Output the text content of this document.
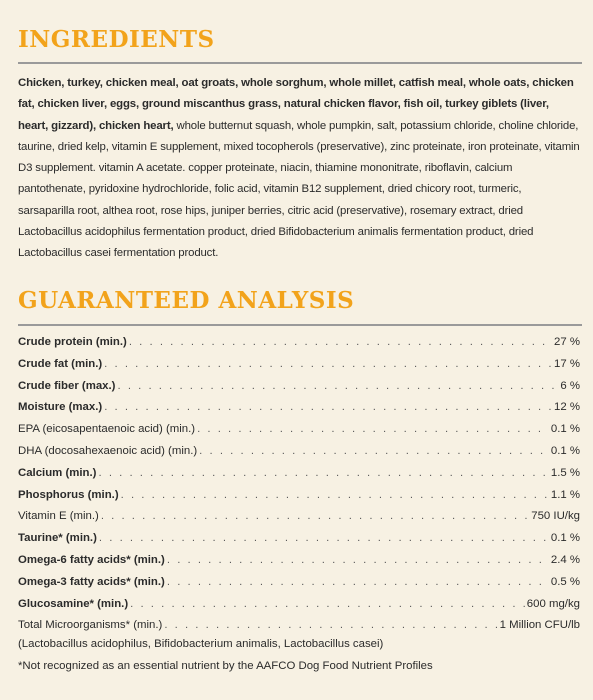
INGREDIENTS
Chicken, turkey, chicken meal, oat groats, whole sorghum, whole millet, catfish meal, whole oats, chicken fat, chicken liver, eggs, ground miscanthus grass, natural chicken flavor, fish oil, turkey giblets (liver, heart, gizzard), chicken heart, whole butternut squash, whole pumpkin, salt, potassium chloride, choline chloride, taurine, dried kelp, vitamin E supplement, mixed tocopherols (preservative), zinc proteinate, iron proteinate, vitamin D3 supplement. vitamin A acetate. copper proteinate, niacin, thiamine mononitrate, riboflavin, calcium pantothenate, pyridoxine hydrochloride, folic acid, vitamin B12 supplement, dried chicory root, turmeric, sarsaparilla root, althea root, rose hips, juniper berries, citric acid (preservative), rosemary extract, dried Lactobacillus acidophilus fermentation product, dried Bifidobacterium animalis fermentation product, dried Lactobacillus casei fermentation product.
GUARANTEED ANALYSIS
Crude protein (min.) . . .	27 %
Crude fat (min.) . . .	17 %
Crude fiber (max.) . . .	6 %
Moisture (max.) . . .	12 %
EPA (eicosapentaenoic acid) (min.) . . .	0.1 %
DHA (docosahexaenoic acid) (min.) . . .	0.1 %
Calcium (min.) . . .	1.5 %
Phosphorus (min.) . . .	1.1 %
Vitamin E (min.) . . .	750 IU/kg
Taurine* (min.) . . .	0.1 %
Omega-6 fatty acids* (min.) . . .	2.4 %
Omega-3 fatty acids* (min.) . . .	0.5 %
Glucosamine* (min.) . . .	600 mg/kg
Total Microorganisms* (min.) . . .	1 Million CFU/lb
(Lactobacillus acidophilus, Bifidobacterium animalis, Lactobacillus casei)
*Not recognized as an essential nutrient by the AAFCO Dog Food Nutrient Profiles
